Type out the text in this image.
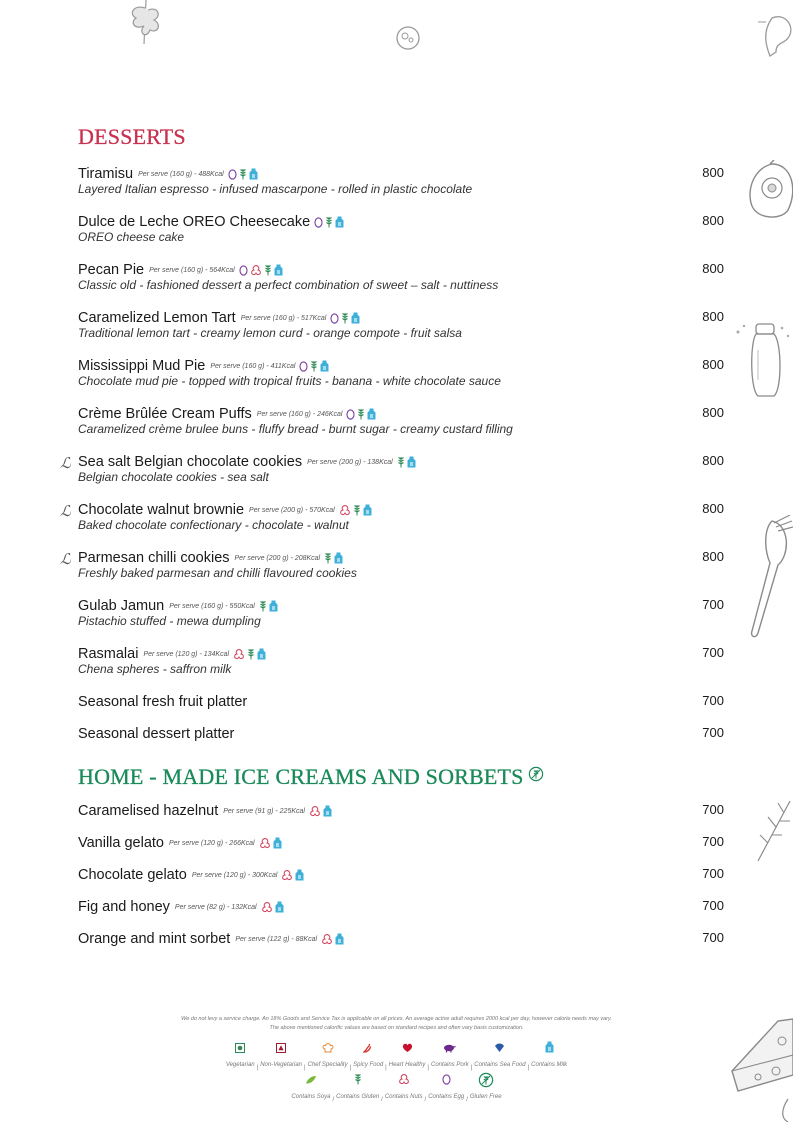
DESSERTS
HOME - MADE ICE CREAMS AND SORBETS
Tiramisu Per serve (160 g) - 488Kcal
Layered Italian espresso - infused mascarpone - rolled in plastic chocolate
800
Dulce de Leche OREO Cheesecake
OREO cheese cake
800
Pecan Pie Per serve (160 g) - 564Kcal
Classic old - fashioned dessert a perfect combination of sweet – salt - nuttiness
800
Caramelized Lemon Tart Per serve (160 g) - 517Kcal
Traditional lemon tart - creamy lemon curd - orange compote - fruit salsa
800
Mississippi Mud Pie Per serve (160 g) - 411Kcal
Chocolate mud pie - topped with tropical fruits - banana - white chocolate sauce
800
Crème Brûlée Cream Puffs Per serve (160 g) - 246Kcal
Caramelized crème brulee buns - fluffy bread - burnt sugar - creamy custard filling
800
ℒ Sea salt Belgian chocolate cookies Per serve (200 g) - 138Kcal
Belgian chocolate cookies - sea salt
800
ℒ Chocolate walnut brownie Per serve (200 g) - 570Kcal
Baked chocolate confectionary - chocolate - walnut
800
ℒ Parmesan chilli cookies Per serve (200 g) - 208Kcal
Freshly baked parmesan and chilli flavoured cookies
800
Gulab Jamun Per serve (160 g) - 550Kcal
Pistachio stuffed - mewa dumpling
700
Rasmalai Per serve (120 g) - 134Kcal
Chena spheres - saffron milk
700
Seasonal fresh fruit platter	700
Seasonal dessert platter	700
Caramelised hazelnut Per serve (91 g) - 225Kcal	700
Vanilla gelato Per serve (120 g) - 266Kcal	700
Chocolate gelato Per serve (120 g) - 300Kcal	700
Fig and honey Per serve (82 g) - 132Kcal	700
Orange and mint sorbet Per serve (122 g) - 88Kcal	700
We do not levy a service charge. An 18% Goods and Service Tax is applicable on all prices. An average active adult requires 2000 kcal per day, however calorie needs may vary.
The above mentioned calorific values are based on standard recipes and often vary basis customization.
Vegetarian | Non-Vegetarian | Chef Speciality | Spicy Food | Heart Healthy | Contains Pork | Contains Sea Food | Contains Milk
Contains Soya / Contains Gluten / Contains Nuts / Contains Egg / Gluten Free
